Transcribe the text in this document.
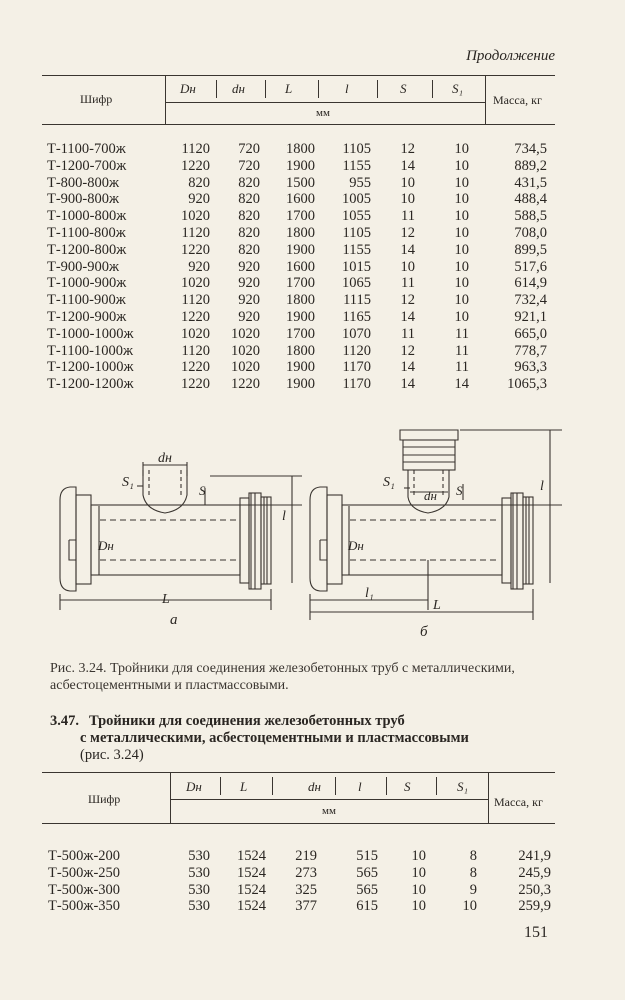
Продолжение
Шифр
Dн	dн	L	l	S	S₁
мм
Масса, кг
Т-1100-700ж	1120 720 1800 1105 12	10	734,5
Т-1200-700ж	1220 720 1900 1155 14	10	889,2
Т-800-800ж	820 820 1500 955 10	10	431,5
Т-900-800ж	920 820 1600 1005 10	10	488,4
Т-1000-800ж	1020 820 1700 1055 11	10	588,5
Т-1100-800ж	1120 820 1800 1105 12	10	708,0
Т-1200-800ж	1220 820 1900 1155 14	10	899,5
Т-900-900ж	920 920 1600 1015 10	10	517,6
Т-1000-900ж	1020 920 1700 1065 11	10	614,9
Т-1100-900ж	1120 920 1800 1115 12	10	732,4
Т-1200-900ж	1220 920 1900 1165 14	10	921,1
Т-1000-1000ж	1020 1020 1700 1070 11	11	665,0
Т-1100-1000ж	1120 1020 1800 1120 12	11	778,7
Т-1200-1000ж	1220 1020 1900 1170 14	11	963,3
Т-1200-1200ж	1220 1220 1900 1170 14	14	1065,3
dн
S₁
S
l
Dн
L
а
S₁
dн S	l
Dн
l₁
L
б
Рис. 3.24. Тройники для соединения железобетонных труб с металлическими, асбестоцементными и пластмассовыми.
3.47. Тройники для соединения железобетонных труб
с металлическими, асбестоцементными и пластмассовыми
(рис. 3.24)
Шифр
Dн	L	dн	l	S	S₁
мм
Масса, кг
Т-500ж-200	530 1524 219	515 10	8	241,9
Т-500ж-250	530 1524 273	565 10	8	245,9
Т-500ж-300	530 1524 325	565 10	9	250,3
Т-500ж-350	530 1524 377	615 10	10	259,9
151
